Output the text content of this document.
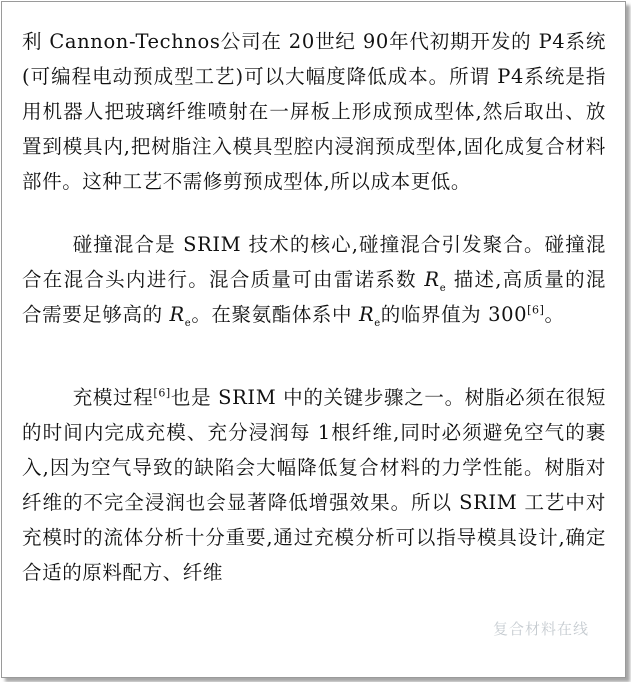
利 Cannon-Technos公司在 20世纪 90年代初期开发的 P4系统(可编程电动预成型工艺)可以大幅度降低成本。所谓 P4系统是指用机器人把玻璃纤维喷射在一屏板上形成预成型体,然后取出、放置到模具内,把树脂注入模具型腔内浸润预成型体,固化成复合材料部件。这种工艺不需修剪预成型体,所以成本更低。

碰撞混合是 SRIM 技术的核心,碰撞混合引发聚合。碰撞混合在混合头内进行。混合质量可由雷诺系数 $R_e$ 描述,高质量的混合需要足够高的 $R_e$。在聚氨酯体系中 $R_e$的临界值为 300[6]。

充模过程[6]也是 SRIM 中的关键步骤之一。树脂必须在很短的时间内完成充模、充分浸润每 1根纤维,同时必须避免空气的裹入,因为空气导致的缺陷会大幅降低复合材料的力学性能。树脂对纤维的不完全浸润也会显著降低增强效果。所以 SRIM 工艺中对充模时的流体分析十分重要,通过充模分析可以指导模具设计,确定合适的原料配方、纤维

复合材料在线
